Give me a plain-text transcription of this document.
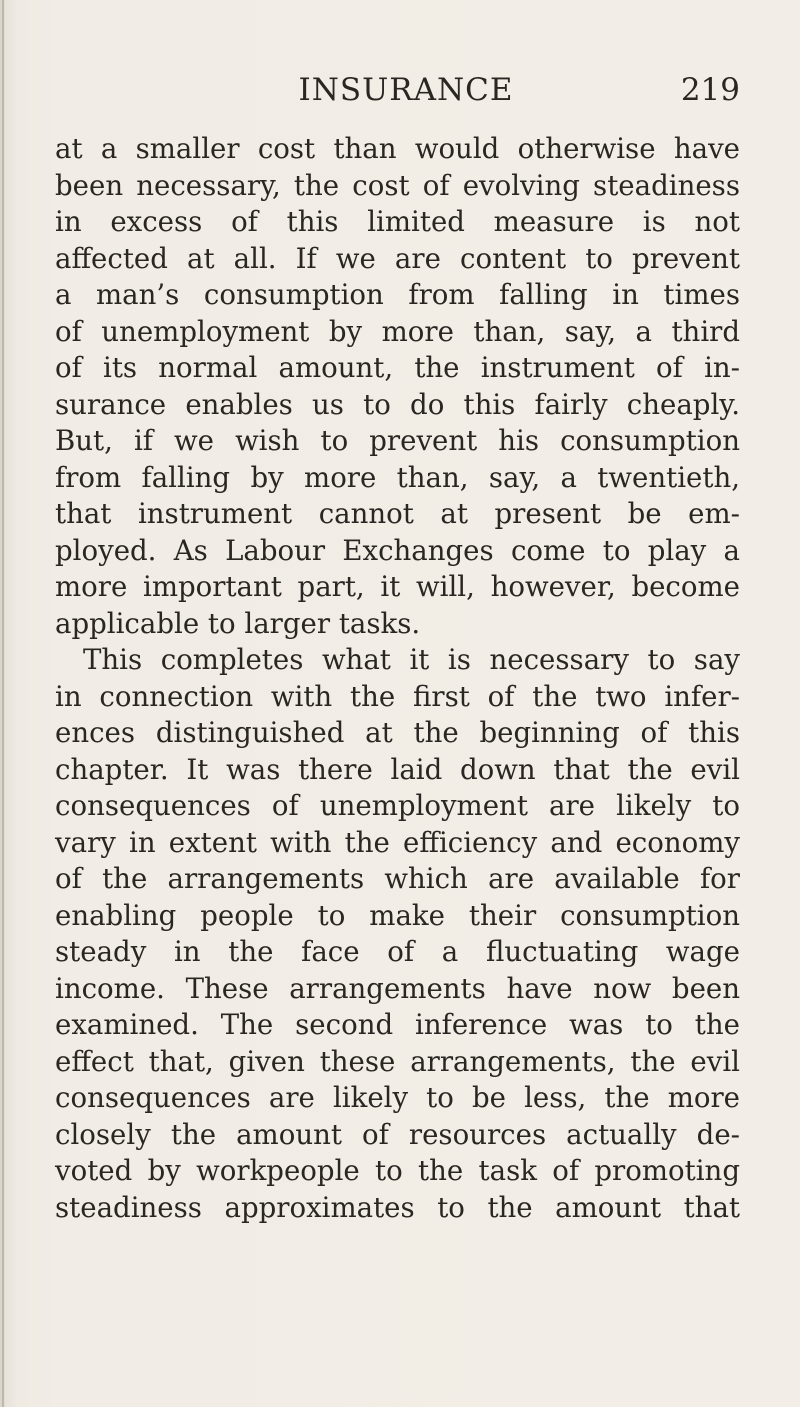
INSURANCE	219
at a smaller cost than would otherwise have
been necessary, the cost of evolving steadiness
in excess of this limited measure is not
affected at all. If we are content to prevent
a man’s consumption from falling in times
of unemployment by more than, say, a third
of its normal amount, the instrument of in-
surance enables us to do this fairly cheaply.
But, if we wish to prevent his consumption
from falling by more than, say, a twentieth,
that instrument cannot at present be em-
ployed. As Labour Exchanges come to play a
more important part, it will, however, become
applicable to larger tasks.
This completes what it is necessary to say
in connection with the first of the two infer-
ences distinguished at the beginning of this
chapter. It was there laid down that the evil
consequences of unemployment are likely to
vary in extent with the efficiency and economy
of the arrangements which are available for
enabling people to make their consumption
steady in the face of a fluctuating wage
income. These arrangements have now been
examined. The second inference was to the
effect that, given these arrangements, the evil
consequences are likely to be less, the more
closely the amount of resources actually de-
voted by workpeople to the task of promoting
steadiness approximates to the amount that
